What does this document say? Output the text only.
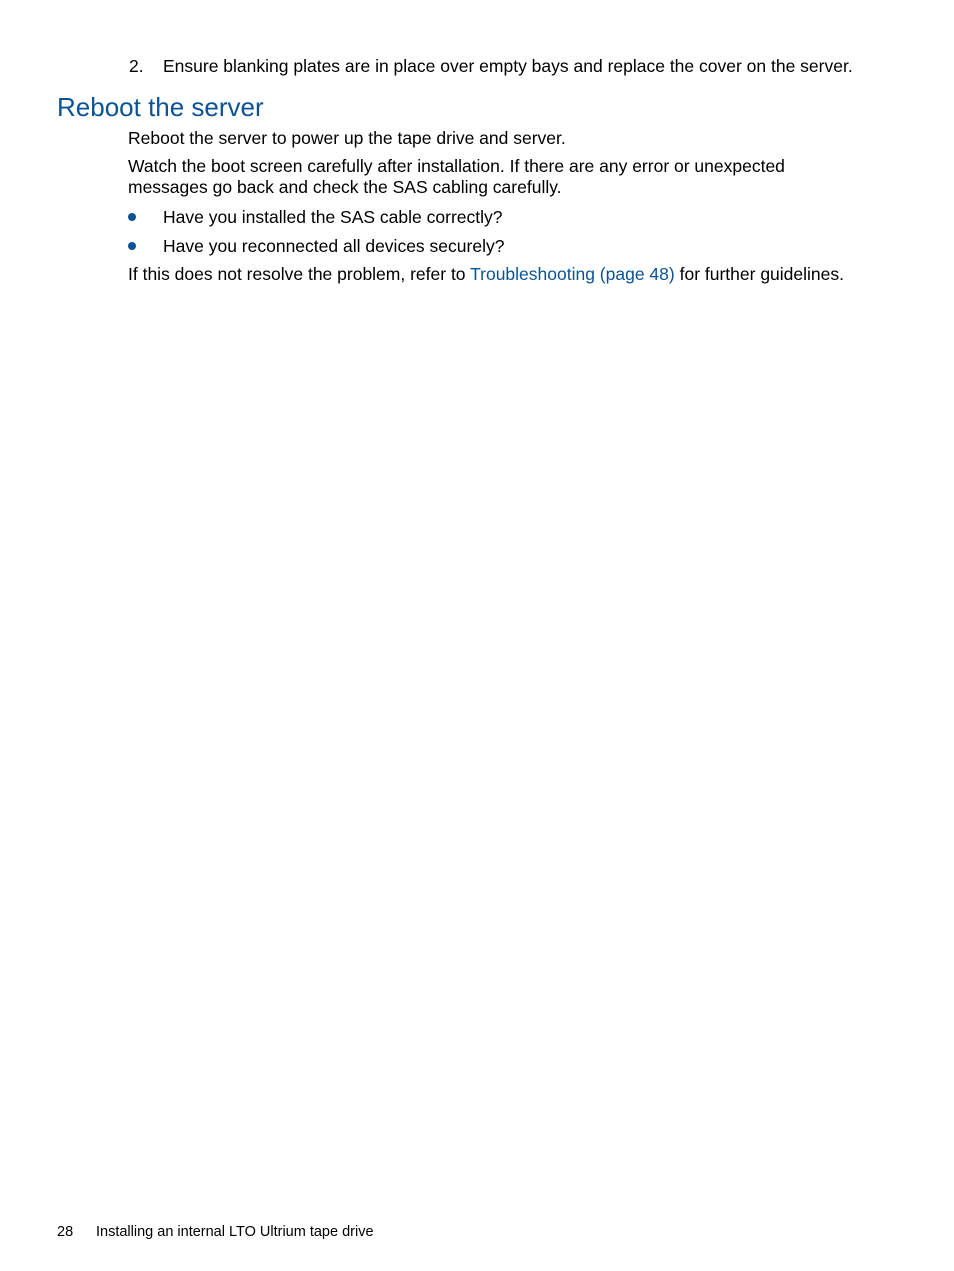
2. Ensure blanking plates are in place over empty bays and replace the cover on the server.
Reboot the server
Reboot the server to power up the tape drive and server.
Watch the boot screen carefully after installation. If there are any error or unexpected messages go back and check the SAS cabling carefully.
Have you installed the SAS cable correctly?
Have you reconnected all devices securely?
If this does not resolve the problem, refer to Troubleshooting (page 48) for further guidelines.
28 Installing an internal LTO Ultrium tape drive
